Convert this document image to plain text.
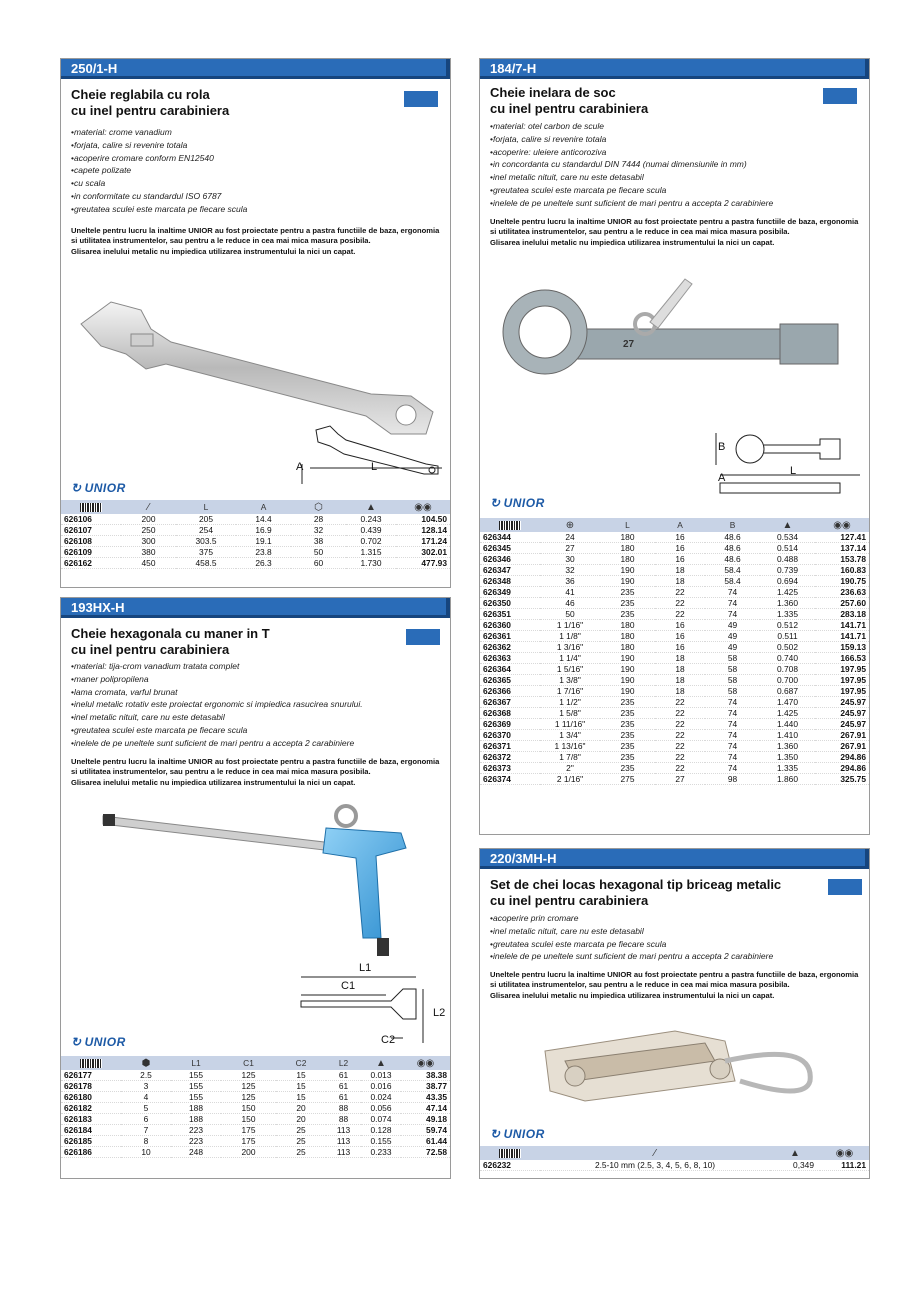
250/1-H
Cheie reglabila cu rola
cu inel pentru carabiniera
• material: crome vanadium
• forjata, calire si revenire totala
• acoperire cromare conform EN12540
• capete polizate
• cu scala
• in conformitate cu standardul ISO 6787
• greutatea sculei este marcata pe fiecare scula
Uneltele pentru lucru la inaltime UNIOR au fost proiectate pentru a pastra functiile de baza, ergonomia si utilitatea instrumentelor, sau pentru a le reduce in cea mai mica masura posibila.
Glisarea inelului metalic nu impiedica utilizarea instrumentului la nici un capat.
A	L
↻ UNIOR
	⁄	L	A	⬡	▲	◉◉
626106	200	205	14.4	28	0.243	104.50
626107	250	254	16.9	32	0.439	128.14
626108	300	303.5	19.1	38	0.702	171.24
626109	380	375	23.8	50	1.315	302.01
626162	450	458.5	26.3	60	1.730	477.93
193HX-H
Cheie hexagonala cu maner in T
cu inel pentru carabiniera
• material: tija-crom vanadium tratata complet
• maner polipropilena
• lama cromata, varful brunat
• inelul metalic rotativ este proiectat ergonomic si impiedica rasucirea snurului.
• inel metalic nituit, care nu este detasabil
• greutatea sculei este marcata pe fiecare scula
• inelele de pe uneltele sunt suficient de mari pentru a accepta 2 carabiniere
Uneltele pentru lucru la inaltime UNIOR au fost proiectate pentru a pastra functiile de baza, ergonomia si utilitatea instrumentelor, sau pentru a le reduce in cea mai mica masura posibila.
Glisarea inelului metalic nu impiedica utilizarea instrumentului la nici un capat.
L1
C1
L2
C2
↻ UNIOR
	⬢	L1	C1	C2	L2	▲	◉◉
626177	2.5	155	125	15	61	0.013	38.38
626178	3	155	125	15	61	0.016	38.77
626180	4	155	125	15	61	0.024	43.35
626182	5	188	150	20	88	0.056	47.14
626183	6	188	150	20	88	0.074	49.18
626184	7	223	175	25	113	0.128	59.74
626185	8	223	175	25	113	0.155	61.44
626186	10	248	200	25	113	0.233	72.58
184/7-H
Cheie inelara de soc
cu inel pentru carabiniera
• material: otel carbon de scule
• forjata, calire si revenire totala
• acoperire: uleiere anticoroziva
• in concordanta cu standardul DIN 7444 (numai dimensiunile in mm)
• inel metalic nituit, care nu este detasabil
• greutatea sculei este marcata pe fiecare scula
• inelele de pe uneltele sunt suficient de mari pentru a accepta 2 carabiniere
Uneltele pentru lucru la inaltime UNIOR au fost proiectate pentru a pastra functiile de baza, ergonomia si utilitatea instrumentelor, sau pentru a le reduce in cea mai mica masura posibila.
Glisarea inelului metalic nu impiedica utilizarea instrumentului la nici un capat.
27
B
L
A
↻ UNIOR
	⊕	L	A	B	▲	◉◉
626344	24	180	16	48.6	0.534	127.41
626345	27	180	16	48.6	0.514	137.14
626346	30	180	16	48.6	0.488	153.78
626347	32	190	18	58.4	0.739	160.83
626348	36	190	18	58.4	0.694	190.75
626349	41	235	22	74	1.425	236.63
626350	46	235	22	74	1.360	257.60
626351	50	235	22	74	1.335	283.18
626360	1 1/16"	180	16	49	0.512	141.71
626361	1 1/8"	180	16	49	0.511	141.71
626362	1 3/16"	180	16	49	0.502	159.13
626363	1 1/4"	190	18	58	0.740	166.53
626364	1 5/16"	190	18	58	0.708	197.95
626365	1 3/8"	190	18	58	0.700	197.95
626366	1 7/16"	190	18	58	0.687	197.95
626367	1 1/2"	235	22	74	1.470	245.97
626368	1 5/8"	235	22	74	1.425	245.97
626369	1 11/16"	235	22	74	1.440	245.97
626370	1 3/4"	235	22	74	1.410	267.91
626371	1 13/16"	235	22	74	1.360	267.91
626372	1 7/8"	235	22	74	1.350	294.86
626373	2"	235	22	74	1.335	294.86
626374	2 1/16"	275	27	98	1.860	325.75
220/3MH-H
Set de chei locas hexagonal tip briceag metalic
cu inel pentru carabiniera
• acoperire prin cromare
• inel metalic nituit, care nu este detasabil
• greutatea sculei este marcata pe fiecare scula
• inelele de pe uneltele sunt suficient de mari pentru a accepta 2 carabiniere
Uneltele pentru lucru la inaltime UNIOR au fost proiectate pentru a pastra functiile de baza, ergonomia si utilitatea instrumentelor, sau pentru a le reduce in cea mai mica masura posibila.
Glisarea inelului metalic nu impiedica utilizarea instrumentului la nici un capat.
↻ UNIOR
	⁄	▲	◉◉
626232	2.5-10 mm (2.5, 3, 4, 5, 6, 8, 10)	0,349	111.21
